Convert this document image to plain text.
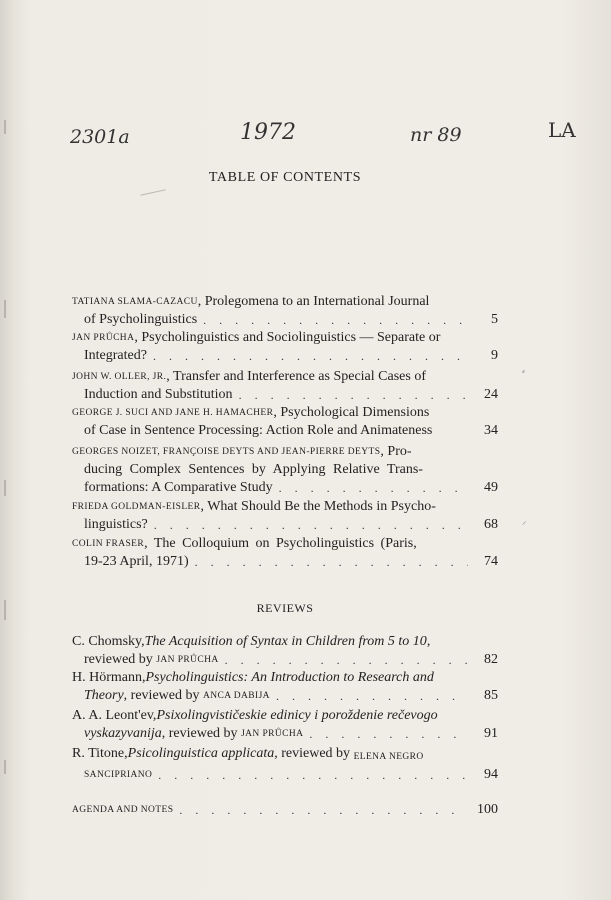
2301a	1972	nr 89	LA
⸗
⸝
TABLE OF CONTENTS
TATIANA SLAMA-CAZACU , Prolegomena to an International Journal
of Psycholinguistics . . .	5
JAN PRŮCHA , Psycholinguistics and Sociolinguistics — Separate or
Integrated? . . .	9
JOHN W. OLLER, JR. , Transfer and Interference as Special Cases of
Induction and Substitution . . .	24
GEORGE J. SUCI AND JANE H. HAMACHER , Psychological Dimensions
of Case in Sentence Processing: Action Role and Animateness	34
GEORGES NOIZET, FRANÇOISE DEYTS AND JEAN-PIERRE DEYTS , Pro-
ducing Complex Sentences by Applying Relative Trans-
formations: A Comparative Study . . .	49
FRIEDA GOLDMAN-EISLER , What Should Be the Methods in Psycho-
linguistics? . . .	68
COLIN FRASER , The Colloquium on Psycholinguistics (Paris,
19-23 April, 1971) . . .	74
REVIEWS
C. Chomsky, The Acquisition of Syntax in Children from 5 to 10 ,
reviewed by
JAN PRŮCHA . . .	82
H. Hörmann, Psycholinguistics: An Introduction to Research and
Theory , reviewed by
ANCA DABIJA . . .	85
A. A. Leont'ev, Psixolingvističeskie edinicy i poroždenie rečevogo
vyskazyvanija , reviewed by
JAN PRŮCHA . . .	91
R. Titone, Psicolinguistica applicata , reviewed by ELENA NEGRO
SANCIPRIANO . . .	94
AGENDA AND NOTES . . .	100
